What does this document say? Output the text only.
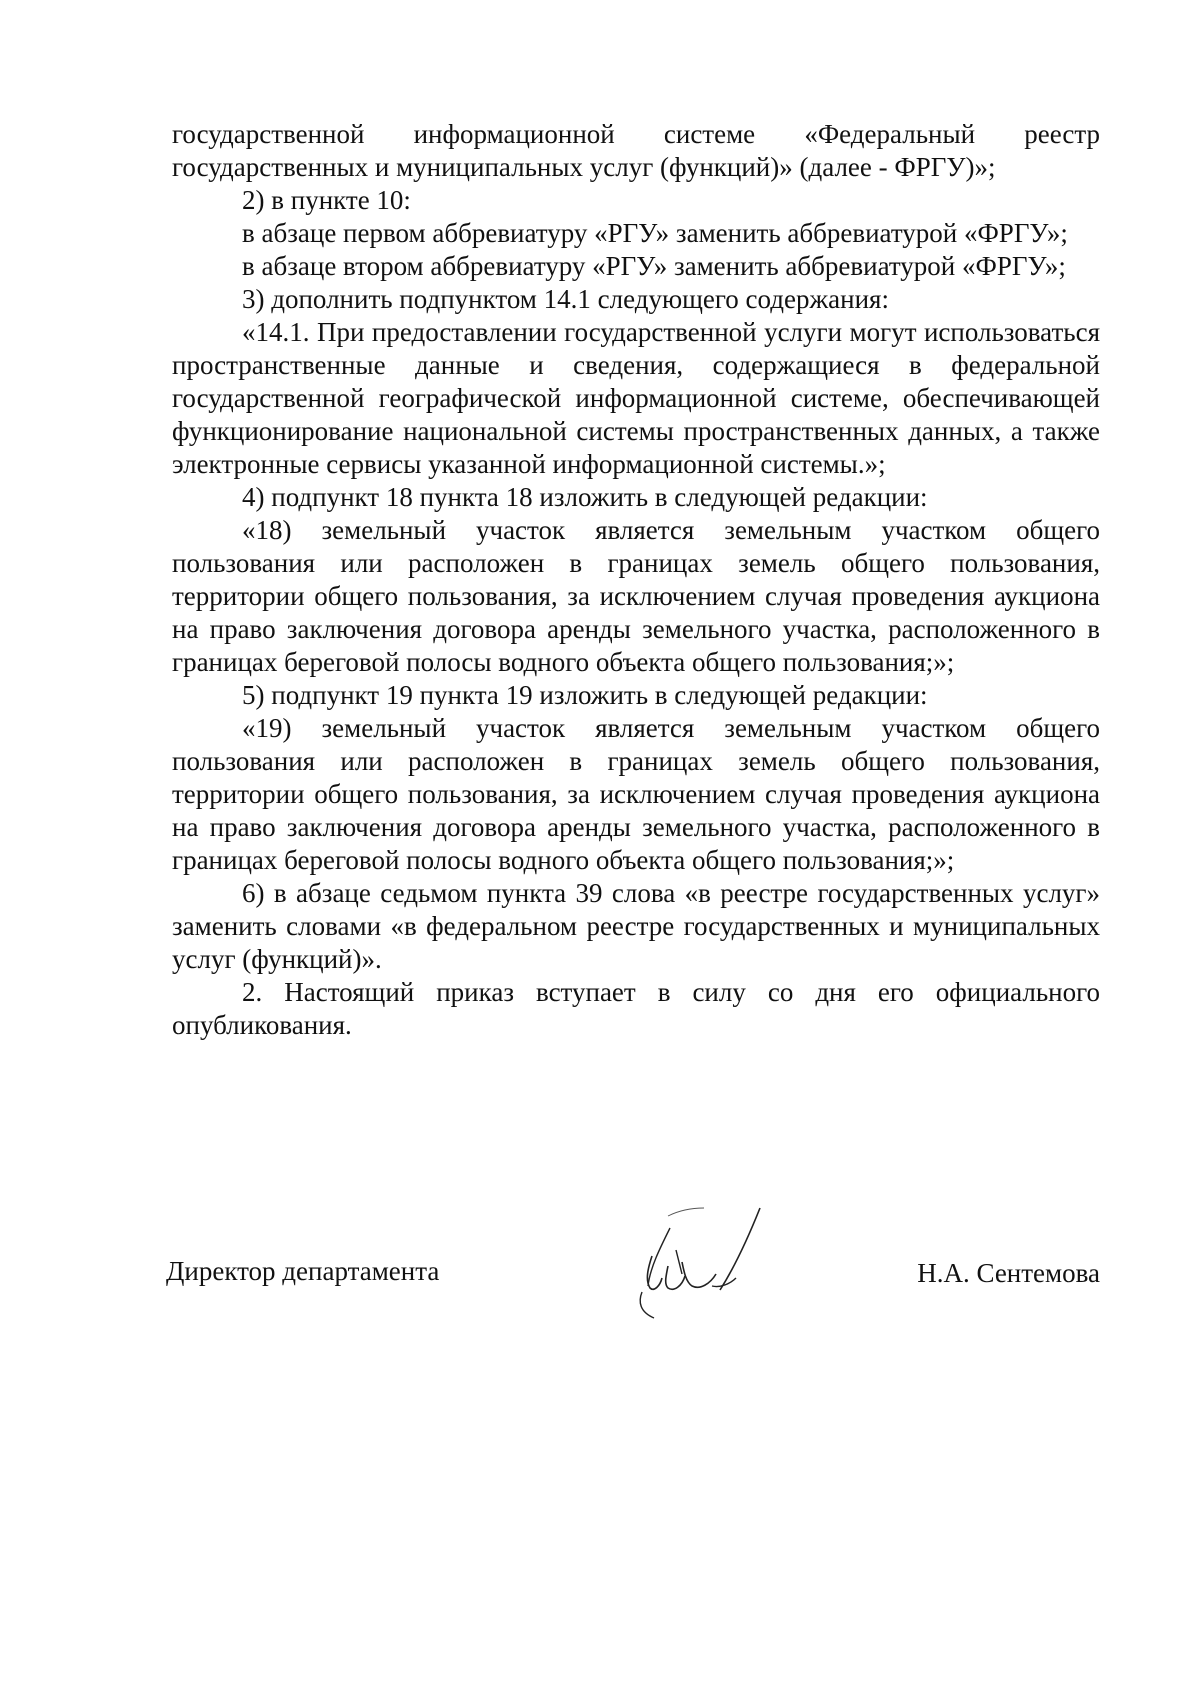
государственной информационной системе «Федеральный реестр государственных и муниципальных услуг (функций)» (далее - ФРГУ)»;

2) в пункте 10:

в абзаце первом аббревиатуру «РГУ» заменить аббревиатурой «ФРГУ»;

в абзаце втором аббревиатуру «РГУ» заменить аббревиатурой «ФРГУ»;

3) дополнить подпунктом 14.1 следующего содержания:

«14.1. При предоставлении государственной услуги могут использоваться пространственные данные и сведения, содержащиеся в федеральной государственной географической информационной системе, обеспечивающей функционирование национальной системы пространственных данных, а также электронные сервисы указанной информационной системы.»;

4) подпункт 18 пункта 18 изложить в следующей редакции:

«18) земельный участок является земельным участком общего пользования или расположен в границах земель общего пользования, территории общего пользования, за исключением случая проведения аукциона на право заключения договора аренды земельного участка, расположенного в границах береговой полосы водного объекта общего пользования;»;

5) подпункт 19 пункта 19 изложить в следующей редакции:

«19) земельный участок является земельным участком общего пользования или расположен в границах земель общего пользования, территории общего пользования, за исключением случая проведения аукциона на право заключения договора аренды земельного участка, расположенного в границах береговой полосы водного объекта общего пользования;»;

6) в абзаце седьмом пункта 39 слова «в реестре государственных услуг» заменить словами «в федеральном реестре государственных и муниципальных услуг (функций)».

2. Настоящий приказ вступает в силу со дня его официального опубликования.

Директор департамента	Н.А. Сентемова
